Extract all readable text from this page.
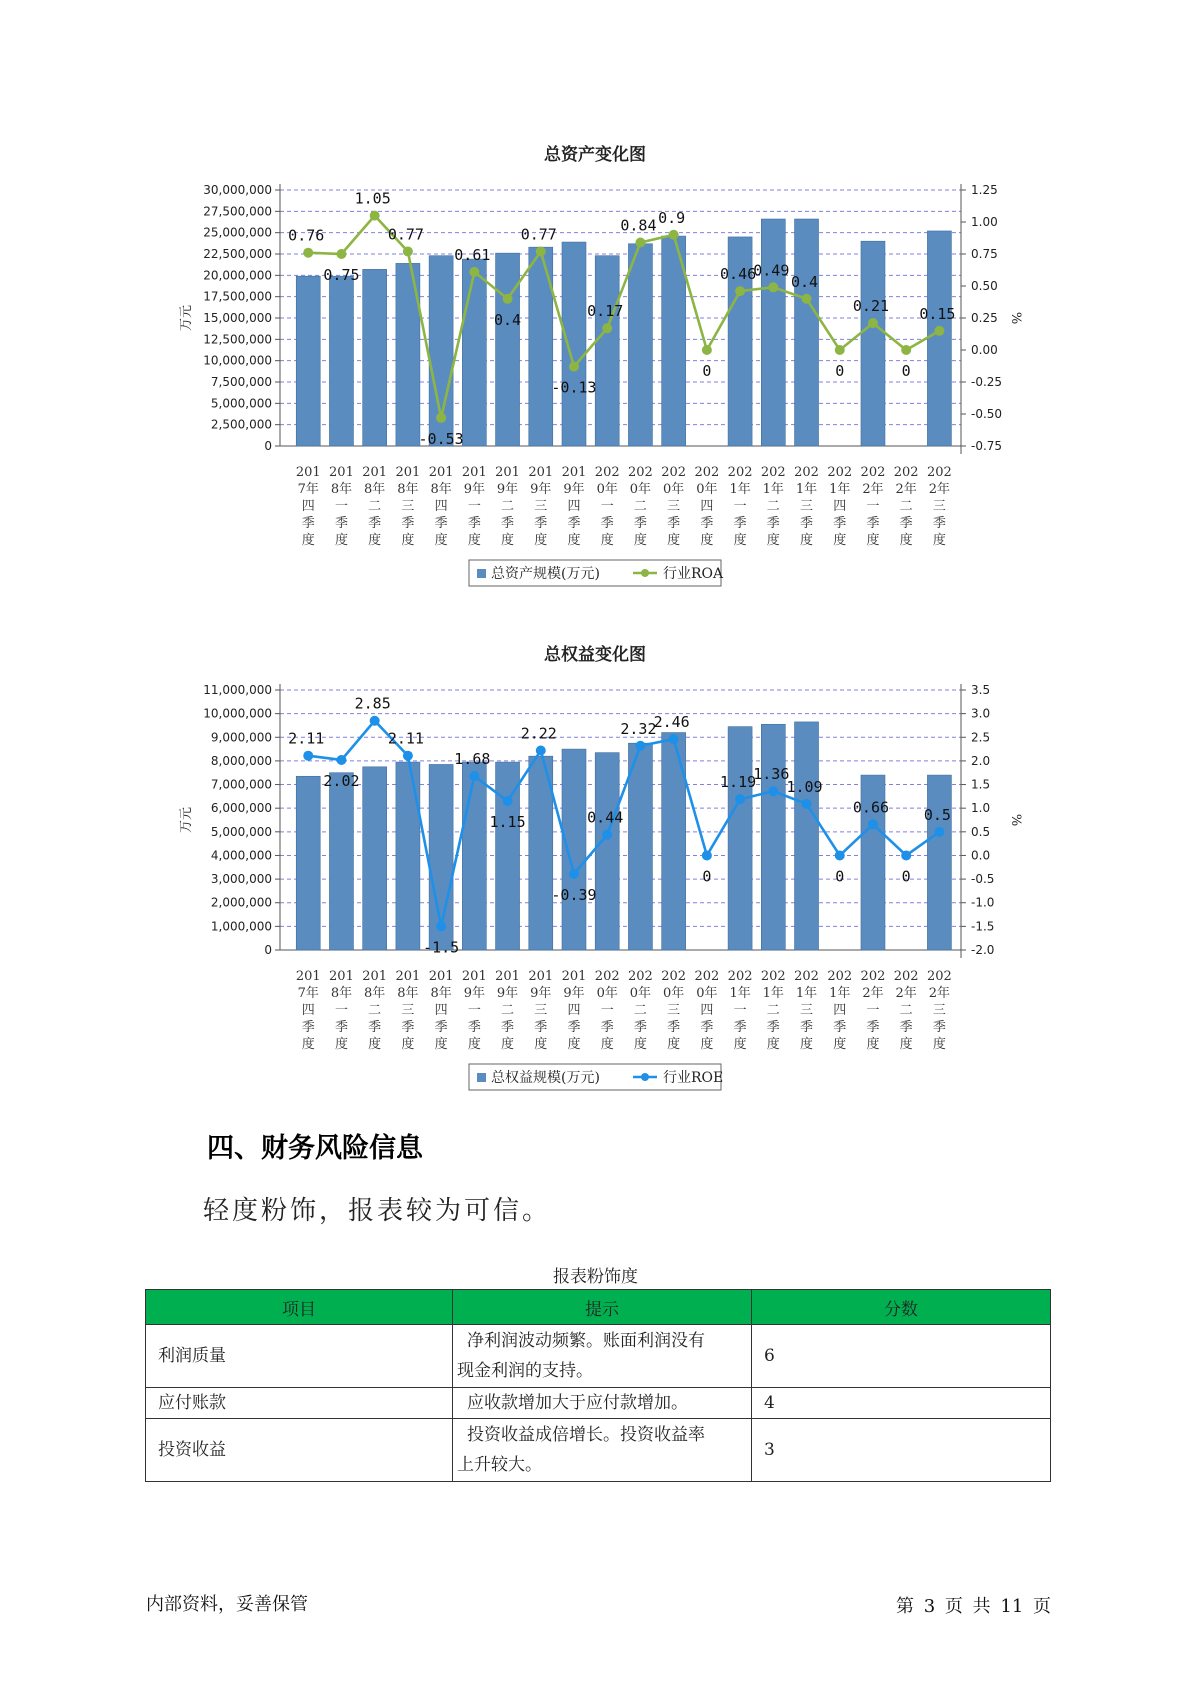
总资产变化图
0
2,500,000
5,000,000
7,500,000
10,000,000
12,500,000
15,000,000
17,500,000
20,000,000
22,500,000
25,000,000
27,500,000
30,000,000
-0.75
-0.50
-0.25
0.00
0.25
0.50
0.75
1.00
1.25
万元	%
201 7年四季度
201 8年一季度
201 8年二季度
201 8年三季度
201 8年四季度
201 9年一季度
201 9年二季度
201 9年三季度
201 9年四季度
202 0年一季度
202 0年二季度
202 0年三季度
202 0年四季度
202 1年一季度
202 1年二季度
202 1年三季度
202 1年四季度
202 2年一季度
202 2年二季度
202 2年三季度
0.76
0.75
1.05
0.77
-0.53
0.61
0.4
0.77
-0.13
0.17
0.84 0.9
0
0.46
0.49
0.4
0
0.21
0
0.15
总资产规模(万元)	行业ROA
总权益变化图
0
1,000,000
2,000,000
3,000,000
4,000,000
5,000,000
6,000,000
7,000,000
8,000,000
9,000,000
10,000,000
11,000,000
-2.0
-1.5
-1.0
-0.5
0.0
0.5
1.0
1.5
2.0
2.5
3.0
3.5
万元	%
201 7年四季度
201 8年一季度
201 8年二季度
201 8年三季度
201 8年四季度
201 9年一季度
201 9年二季度
201 9年三季度
201 9年四季度
202 0年一季度
202 0年二季度
202 0年三季度
202 0年四季度
202 1年一季度
202 1年二季度
202 1年三季度
202 1年四季度
202 2年一季度
202 2年二季度
202 2年三季度
2.11
2.02
2.85
2.11
-1.5
1.68
1.15
2.22
-0.39
0.44
2.32
2.46
0
1.19
1.36
1.09
0
0.66
0
0.5
总权益规模(万元)	行业ROE
四、财务风险信息

轻度粉饰，报表较为可信。

报表粉饰度
项目	提示	分数
利润质量	净利润波动频繁。账面利润没有
现金利润的支持。	6
应付账款	应收款增加大于应付款增加。	4
投资收益	投资收益成倍增长。投资收益率
上升较大。	3
内部资料，妥善保管	第 3 页 共 11 页
